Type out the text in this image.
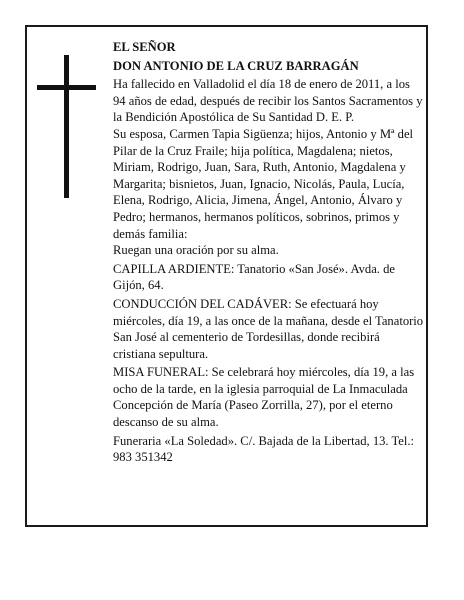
EL SEÑOR

DON ANTONIO DE LA CRUZ BARRAGÁN

Ha fallecido en Valladolid el día 18 de enero de 2011, a los 94 años de edad, después de recibir los Santos Sacramentos y la Bendición Apostólica de Su Santidad D. E. P.

Su esposa, Carmen Tapia Sigüenza; hijos, Antonio y Mª del Pilar de la Cruz Fraile; hija política, Magdalena; nietos, Miriam, Rodrigo, Juan, Sara, Ruth, Antonio, Magdalena y Margarita; bisnietos, Juan, Ignacio, Nicolás, Paula, Lucía, Elena, Rodrigo, Alicia, Jimena, Ángel, Antonio, Álvaro y Pedro; hermanos, hermanos políticos, sobrinos, primos y demás familia:

Ruegan una oración por su alma.

CAPILLA ARDIENTE: Tanatorio «San José». Avda. de Gijón, 64.

CONDUCCIÓN DEL CADÁVER: Se efectuará hoy miércoles, día 19, a las once de la mañana, desde el Tanatorio San José al cementerio de Tordesillas, donde recibirá cristiana sepultura.

MISA FUNERAL: Se celebrará hoy miércoles, día 19, a las ocho de la tarde, en la iglesia parroquial de La Inmaculada Concepción de María (Paseo Zorrilla, 27), por el eterno descanso de su alma.

Funeraria «La Soledad». C/. Bajada de la Libertad, 13. Tel.: 983 351342
